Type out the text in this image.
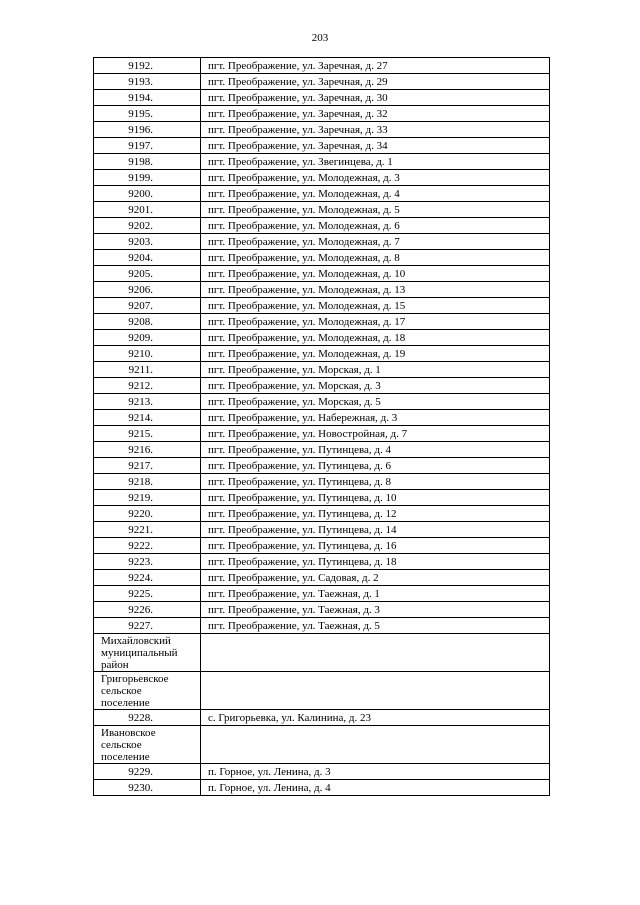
203
9192.	пгт. Преображение, ул. Заречная, д. 27
9193.	пгт. Преображение, ул. Заречная, д. 29
9194.	пгт. Преображение, ул. Заречная, д. 30
9195.	пгт. Преображение, ул. Заречная, д. 32
9196.	пгт. Преображение, ул. Заречная, д. 33
9197.	пгт. Преображение, ул. Заречная, д. 34
9198.	пгт. Преображение, ул. Звегинцева, д. 1
9199.	пгт. Преображение, ул. Молодежная, д. 3
9200.	пгт. Преображение, ул. Молодежная, д. 4
9201.	пгт. Преображение, ул. Молодежная, д. 5
9202.	пгт. Преображение, ул. Молодежная, д. 6
9203.	пгт. Преображение, ул. Молодежная, д. 7
9204.	пгт. Преображение, ул. Молодежная, д. 8
9205.	пгт. Преображение, ул. Молодежная, д. 10
9206.	пгт. Преображение, ул. Молодежная, д. 13
9207.	пгт. Преображение, ул. Молодежная, д. 15
9208.	пгт. Преображение, ул. Молодежная, д. 17
9209.	пгт. Преображение, ул. Молодежная, д. 18
9210.	пгт. Преображение, ул. Молодежная, д. 19
9211.	пгт. Преображение, ул. Морская, д. 1
9212.	пгт. Преображение, ул. Морская, д. 3
9213.	пгт. Преображение, ул. Морская, д. 5
9214.	пгт. Преображение, ул. Набережная, д. 3
9215.	пгт. Преображение, ул. Новостройная, д. 7
9216.	пгт. Преображение, ул. Путинцева, д. 4
9217.	пгт. Преображение, ул. Путинцева, д. 6
9218.	пгт. Преображение, ул. Путинцева, д. 8
9219.	пгт. Преображение, ул. Путинцева, д. 10
9220.	пгт. Преображение, ул. Путинцева, д. 12
9221.	пгт. Преображение, ул. Путинцева, д. 14
9222.	пгт. Преображение, ул. Путинцева, д. 16
9223.	пгт. Преображение, ул. Путинцева, д. 18
9224.	пгт. Преображение, ул. Садовая, д. 2
9225.	пгт. Преображение, ул. Таежная, д. 1
9226.	пгт. Преображение, ул. Таежная, д. 3
9227.	пгт. Преображение, ул. Таежная, д. 5

Михайловский
муниципальный
район	

Григорьевское
сельское
поселение	

9228.	с. Григорьевка, ул. Калинина, д. 23

Ивановское
сельское
поселение	

9229.	п. Горное, ул. Ленина, д. 3
9230.	п. Горное, ул. Ленина, д. 4
